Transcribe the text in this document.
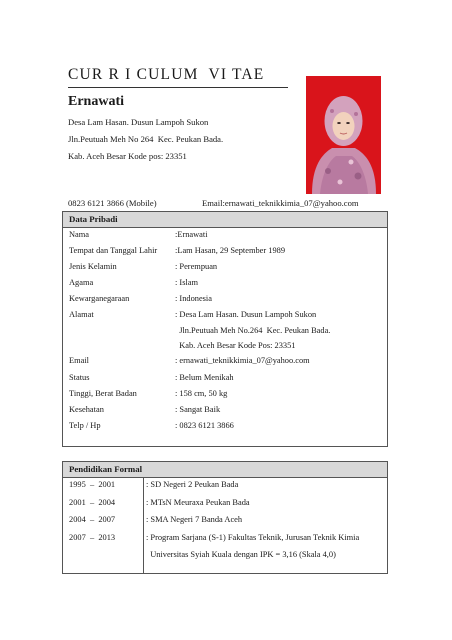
CUR R I CULUM  VI TAE
Ernawati
Desa Lam Hasan. Dusun Lampoh Sukon
Jln.Peutuah Meh No 264  Kec. Peukan Bada.
Kab. Aceh Besar Kode pos: 23351
0823 6121 3866 (Mobile)	Email:ernawati_teknikkimia_07@yahoo.com
Data Pribadi
Nama	:Ernawati
Tempat dan Tanggal Lahir :Lam Hasan, 29 September 1989
Jenis Kelamin	: Perempuan
Agama	: Islam
Kewarganegaraan	: Indonesia
Alamat	: Desa Lam Hasan. Dusun Lampoh Sukon
Jln.Peutuah Meh No.264  Kec. Peukan Bada.
Kab. Aceh Besar Kode Pos: 23351
Email	: ernawati_teknikkimia_07@yahoo.com
Status	: Belum Menikah
Tinggi, Berat Badan	: 158 cm, 50 kg
Kesehatan	: Sangat Baik
Telp / Hp	: 0823 6121 3866
Pendidikan Formal
1995  –  2001	: SD Negeri 2 Peukan Bada
2001  –  2004	: MTsN Meuraxa Peukan Bada
2004  –  2007	: SMA Negeri 7 Banda Aceh
2007  –  2013	: Program Sarjana (S-1) Fakultas Teknik, Jurusan Teknik Kimia
Universitas Syiah Kuala dengan IPK = 3,16 (Skala 4,0)
